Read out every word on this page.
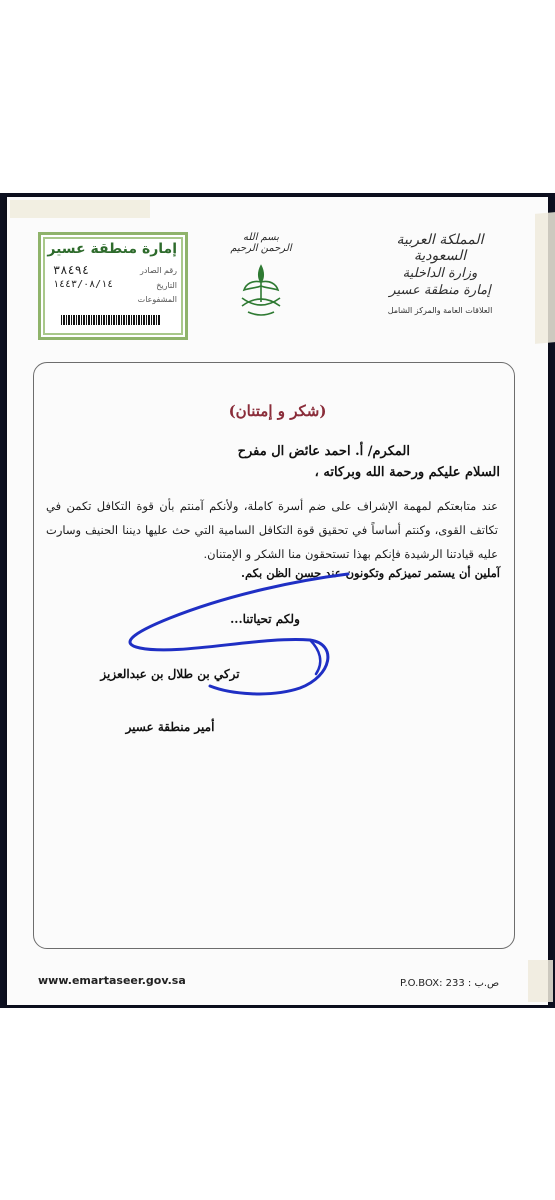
المملكة العربية السعودية
وزارة الداخلية
إمارة منطقة عسير
العلاقات العامة والمركز الشامل
بسم الله الرحمن الرحيم
إمارة منطقة عسير
رقم الصادر
٣٨٤٩٤
التاريخ
١٤٤٣/٠٨/١٤
المشفوعات
(شكر و إمتنان)
المكرم/ أ. احمد عائض ال مفرح
السلام عليكم ورحمة الله وبركاته ،

عند متابعتكم لمهمة الإشراف على ضم أسرة كاملة، ولأنكم آمنتم بأن قوة التكافل تكمن في تكاتف القوى، وكنتم أساساً في تحقيق قوة التكافل السامية التي حث عليها ديننا الحنيف وسارت عليه قيادتنا الرشيدة فإنكم بهذا تستحقون منا الشكر و الإمتنان.

آملين أن يستمر تميزكم وتكونون عند حسن الظن بكم.
ولكم تحياتنا...
تركي بن طلال بن عبدالعزيز
أمير منطقة عسير
www.emartaseer.gov.sa	P.O.BOX: 233 : ص.ب
